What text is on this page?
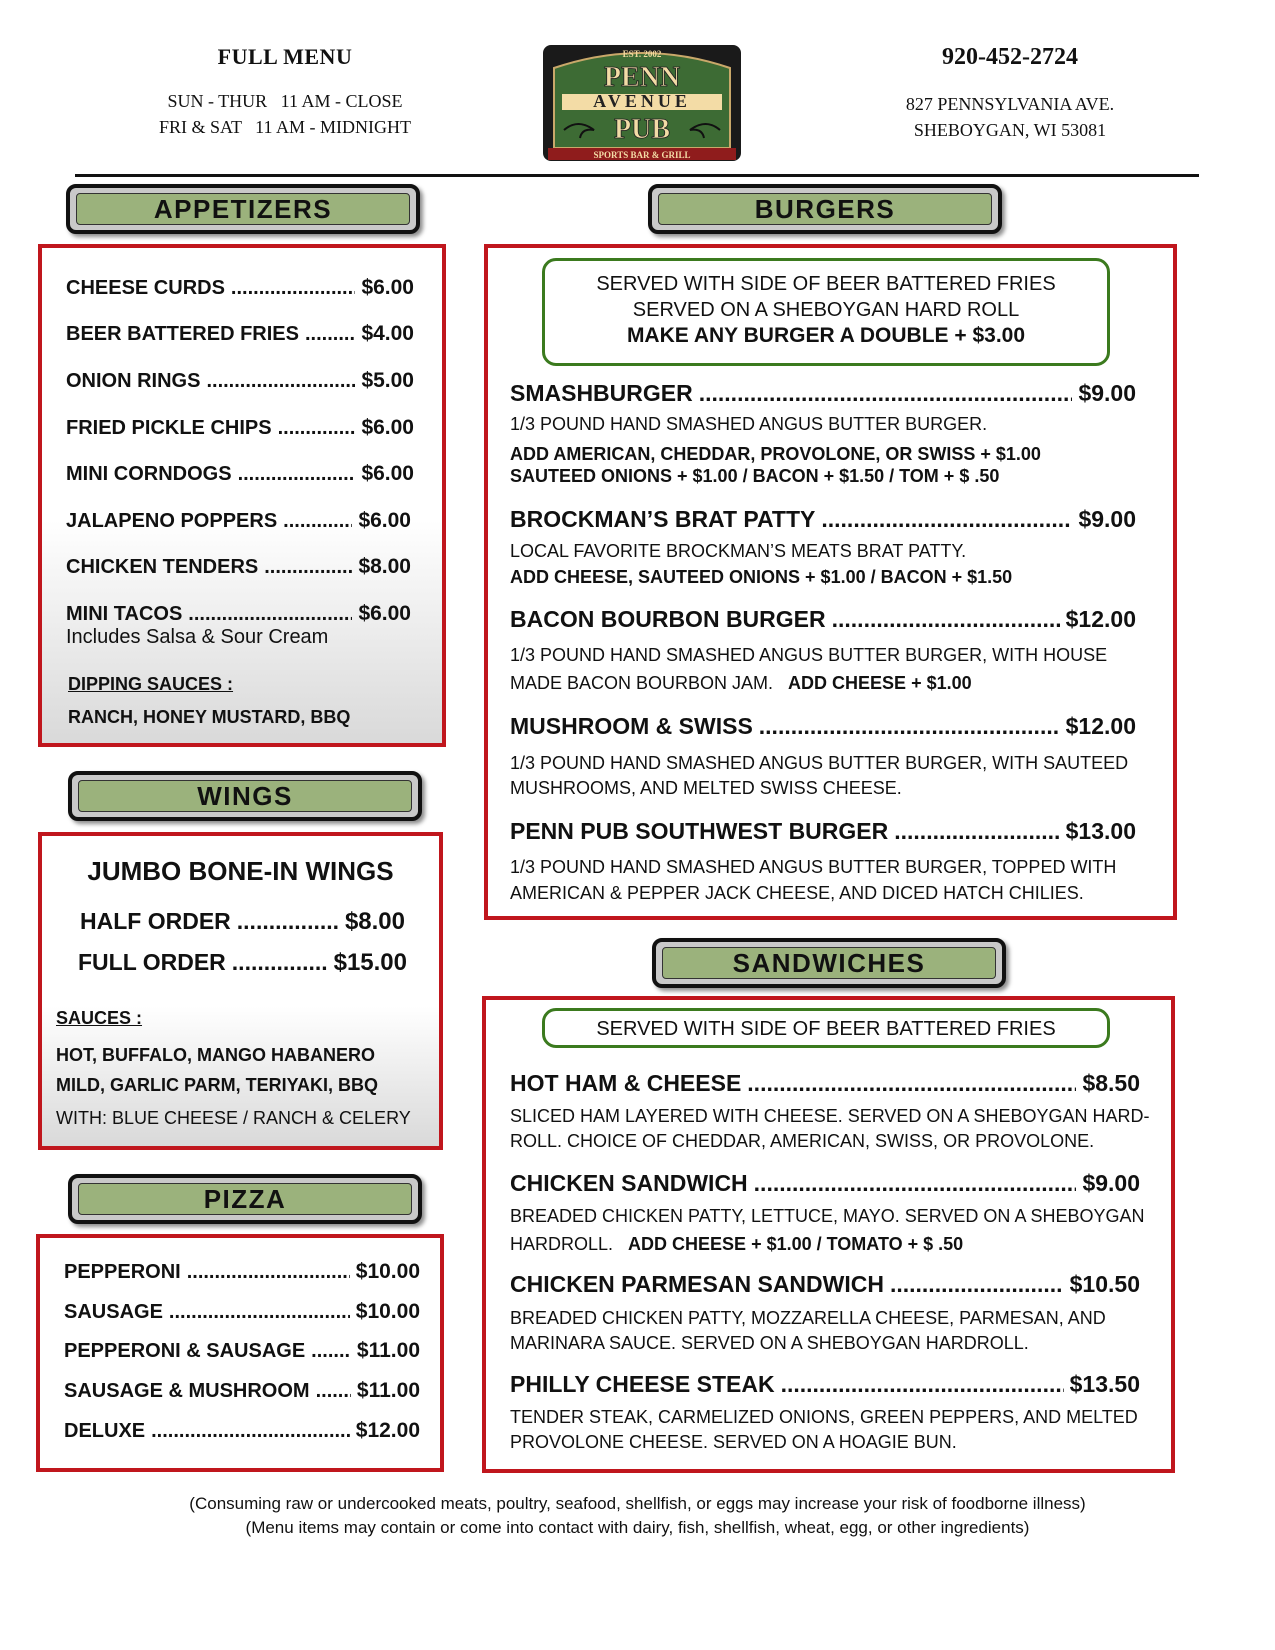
FULL MENU
SUN - THUR   11 AM - CLOSE
FRI & SAT   11 AM - MIDNIGHT
EST. 2002
PENN
AVENUE
PUB
SPORTS BAR & GRILL
920-452-2724
827 PENNSYLVANIA AVE.
SHEBOYGAN, WI 53081
APPETIZERS
CHEESE CURDS .....	$6.00
BEER BATTERED FRIES .....	$4.00
ONION RINGS .....	$5.00
FRIED PICKLE CHIPS .....	$6.00
MINI CORNDOGS .....	$6.00
JALAPENO POPPERS .....	$6.00
CHICKEN TENDERS .....	$8.00
MINI TACOS .....	$6.00
Includes Salsa & Sour Cream
DIPPING SAUCES :
RANCH, HONEY MUSTARD, BBQ
WINGS
JUMBO BONE-IN WINGS
HALF ORDER .....	$8.00
FULL ORDER .....	$15.00
SAUCES :
HOT, BUFFALO, MANGO HABANERO
MILD, GARLIC PARM, TERIYAKI, BBQ
WITH: BLUE CHEESE / RANCH & CELERY
PIZZA
PEPPERONI .....	$10.00
SAUSAGE .....	$10.00
PEPPERONI & SAUSAGE ..... $11.00
SAUSAGE & MUSHROOM ..... $11.00
DELUXE .....	$12.00
BURGERS
SERVED WITH SIDE OF BEER BATTERED FRIES
SERVED ON A SHEBOYGAN HARD ROLL
MAKE ANY BURGER A DOUBLE + $3.00
SMASHBURGER .....	$9.00
1/3 POUND HAND SMASHED ANGUS BUTTER BURGER.
ADD AMERICAN, CHEDDAR, PROVOLONE, OR SWISS + $1.00
SAUTEED ONIONS + $1.00 / BACON + $1.50 / TOM + $ .50
BROCKMAN’S BRAT PATTY .....	$9.00
LOCAL FAVORITE BROCKMAN’S MEATS BRAT PATTY.
ADD CHEESE, SAUTEED ONIONS + $1.00 / BACON + $1.50
BACON BOURBON BURGER .....	$12.00
1/3 POUND HAND SMASHED ANGUS BUTTER BURGER, WITH HOUSE
MADE BACON BOURBON JAM. ADD CHEESE + $1.00
MUSHROOM & SWISS .....	$12.00
1/3 POUND HAND SMASHED ANGUS BUTTER BURGER, WITH SAUTEED
MUSHROOMS, AND MELTED SWISS CHEESE.
PENN PUB SOUTHWEST BURGER .....	$13.00
1/3 POUND HAND SMASHED ANGUS BUTTER BURGER, TOPPED WITH
AMERICAN & PEPPER JACK CHEESE, AND DICED HATCH CHILIES.
SANDWICHES
SERVED WITH SIDE OF BEER BATTERED FRIES
HOT HAM & CHEESE .....	$8.50
SLICED HAM LAYERED WITH CHEESE. SERVED ON A SHEBOYGAN HARD-
ROLL. CHOICE OF CHEDDAR, AMERICAN, SWISS, OR PROVOLONE.
CHICKEN SANDWICH .....	$9.00
BREADED CHICKEN PATTY, LETTUCE, MAYO. SERVED ON A SHEBOYGAN
HARDROLL. ADD CHEESE + $1.00 / TOMATO + $ .50
CHICKEN PARMESAN SANDWICH .....	$10.50
BREADED CHICKEN PATTY, MOZZARELLA CHEESE, PARMESAN, AND
MARINARA SAUCE. SERVED ON A SHEBOYGAN HARDROLL.
PHILLY CHEESE STEAK .....	$13.50
TENDER STEAK, CARMELIZED ONIONS, GREEN PEPPERS, AND MELTED
PROVOLONE CHEESE. SERVED ON A HOAGIE BUN.
(Consuming raw or undercooked meats, poultry, seafood, shellfish, or eggs may increase your risk of foodborne illness)
(Menu items may contain or come into contact with dairy, fish, shellfish, wheat, egg, or other ingredients)
